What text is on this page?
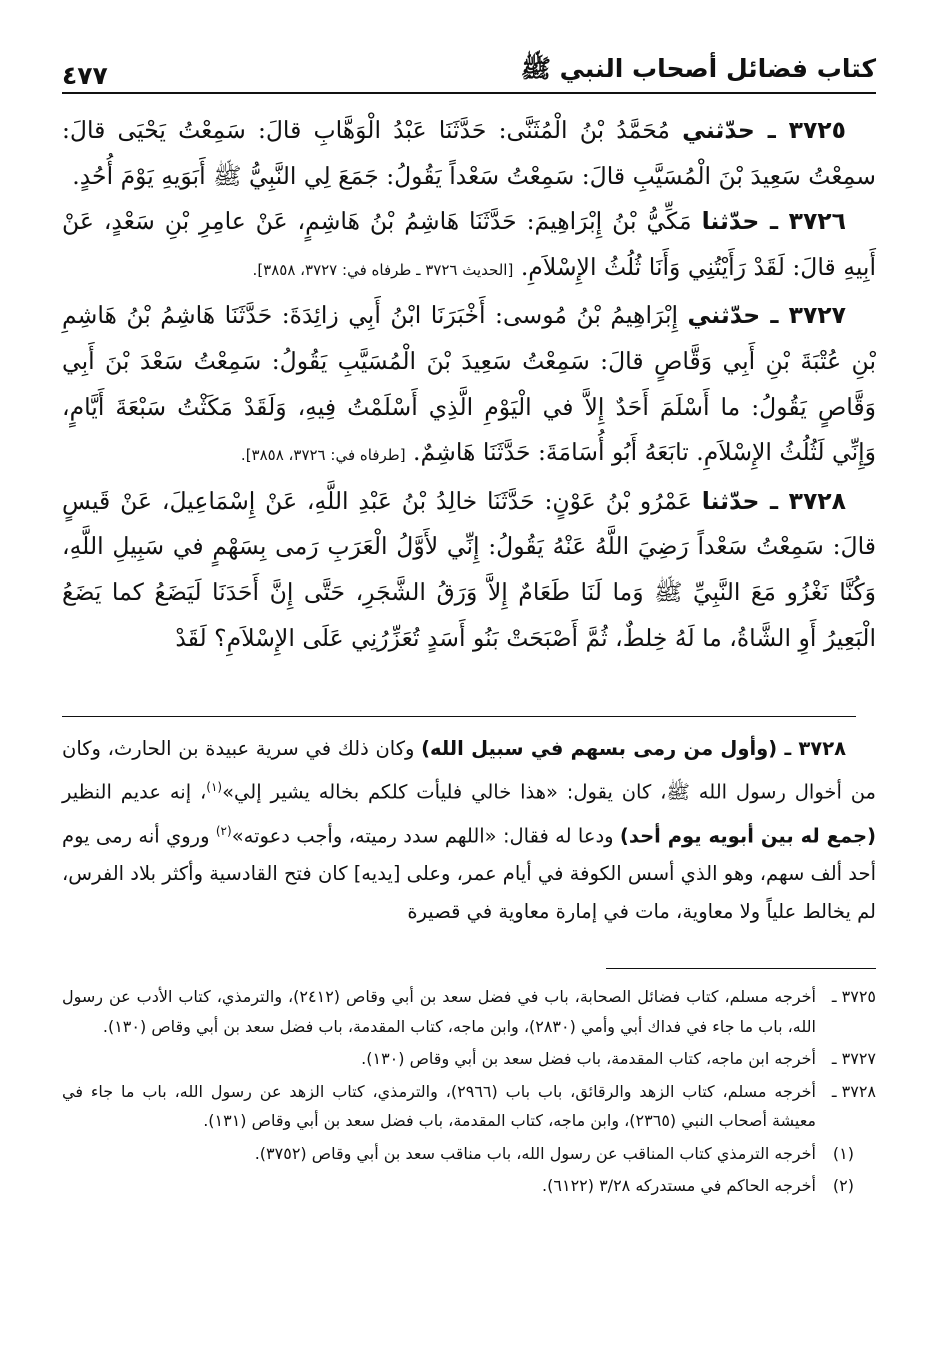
كتاب فضائل أصحاب النبي ﷺ
٤٧٧

٣٧٢٥ ـ حدّثني مُحَمَّدُ بْنُ الْمُثَنَّى: حَدَّثَنَا عَبْدُ الْوَهَّابِ قالَ: سَمِعْتُ يَحْيَى قالَ: سمِعْتُ سَعِيدَ بْنَ الْمُسَيَّبِ قالَ: سَمِعْتُ سَعْداً يَقُولُ: جَمَعَ لِي النَّبِيُّ ﷺ أَبَوَيهِ يَوْمَ أُحُدٍ.

٣٧٢٦ ـ حدّثنا مَكِّيُّ بْنُ إِبْرَاهِيمَ: حَدَّثَنَا هَاشِمُ بْنُ هَاشِمٍ، عَنْ عامِرِ بْنِ سَعْدٍ، عَنْ أَبِيهِ قالَ: لَقَدْ رَأَيْتُنِي وَأَنَا ثُلُثُ الإِسْلاَمِ. [الحديث ٣٧٢٦ ـ طرفاه في: ٣٧٢٧، ٣٨٥٨].

٣٧٢٧ ـ حدّثني إِبْرَاهِيمُ بْنُ مُوسى: أَخْبَرَنَا ابْنُ أَبِي زائِدَةَ: حَدَّثَنَا هَاشِمُ بْنُ هَاشِمِ بْنِ عُتْبَةَ بْنِ أَبِي وَقَّاصٍ قالَ: سَمِعْتُ سَعِيدَ بْنَ الْمُسَيَّبِ يَقُولُ: سَمِعْتُ سَعْدَ بْنَ أَبِي وَقَّاصٍ يَقُولُ: ما أَسْلَمَ أَحَدٌ إِلاَّ في الْيَوْمِ الَّذِي أَسْلَمْتُ فِيهِ، وَلَقَدْ مَكَثْتُ سَبْعَةَ أَيَّامٍ، وَإِنِّي لَثُلُثُ الإِسْلاَمِ. تابَعَهُ أَبُو أُسَامَةَ: حَدَّثَنَا هَاشِمٌ. [طرفاه في: ٣٧٢٦، ٣٨٥٨].

٣٧٢٨ ـ حدّثنا عَمْرُو بْنُ عَوْنٍ: حَدَّثَنَا خالِدُ بْنُ عَبْدِ اللَّهِ، عَنْ إِسْمَاعِيلَ، عَنْ قَيسٍ قالَ: سَمِعْتُ سَعْداً رَضِيَ اللَّهُ عَنْهُ يَقُولُ: إِنِّي لأَوَّلُ الْعَرَبِ رَمى بِسَهْمٍ في سَبِيلِ اللَّهِ، وَكُنَّا نَغْزُو مَعَ النَّبِيِّ ﷺ وَما لَنَا طَعَامٌ إِلاَّ وَرَقُ الشَّجَرِ، حَتَّى إِنَّ أَحَدَنَا لَيَضَعُ كما يَضَعُ الْبَعِيرُ أَوِ الشَّاةُ، ما لَهُ خِلطٌ، ثُمَّ أَصْبَحَتْ بَنُو أَسَدٍ تُعَزِّرُنِي عَلَى الإِسْلاَمِ؟ لَقَدْ

٣٧٢٨ ـ (وأول من رمى بسهم في سبيل الله) وكان ذلك في سرية عبيدة بن الحارث، وكان من أخوال رسول الله ﷺ، كان يقول: «هذا خالي فليأت كلكم بخاله يشير إلي»$^{(١)}$، إنه عديم النظير (جمع له بين أبويه يوم أحد) ودعا له فقال: «اللهم سدد رميته، وأجب دعوته»$^{(٢)}$ وروي أنه رمى يوم أحد ألف سهم، وهو الذي أسس الكوفة في أيام عمر، وعلى [يديه] كان فتح القادسية وأكثر بلاد الفرس، لم يخالط علياً ولا معاوية، مات في إمارة معاوية في قصيرة

٣٧٢٥ ـ
أخرجه مسلم، كتاب فضائل الصحابة، باب في فضل سعد بن أبي وقاص (٢٤١٢)، والترمذي، كتاب الأدب عن رسول الله، باب ما جاء في فداك أبي وأمي (٢٨٣٠)، وابن ماجه، كتاب المقدمة، باب فضل سعد بن أبي وقاص (١٣٠).
٣٧٢٧ ـ
أخرجه ابن ماجه، كتاب المقدمة، باب فضل سعد بن أبي وقاص (١٣٠).
٣٧٢٨ ـ
أخرجه مسلم، كتاب الزهد والرقائق، باب باب (٢٩٦٦)، والترمذي، كتاب الزهد عن رسول الله، باب ما جاء في معيشة أصحاب النبي (٢٣٦٥)، وابن ماجه، كتاب المقدمة، باب فضل سعد بن أبي وقاص (١٣١).
(١)
أخرجه الترمذي كتاب المناقب عن رسول الله، باب مناقب سعد بن أبي وقاص (٣٧٥٢).
(٢)
أخرجه الحاكم في مستدركه ٣/٢٨ (٦١٢٢).
